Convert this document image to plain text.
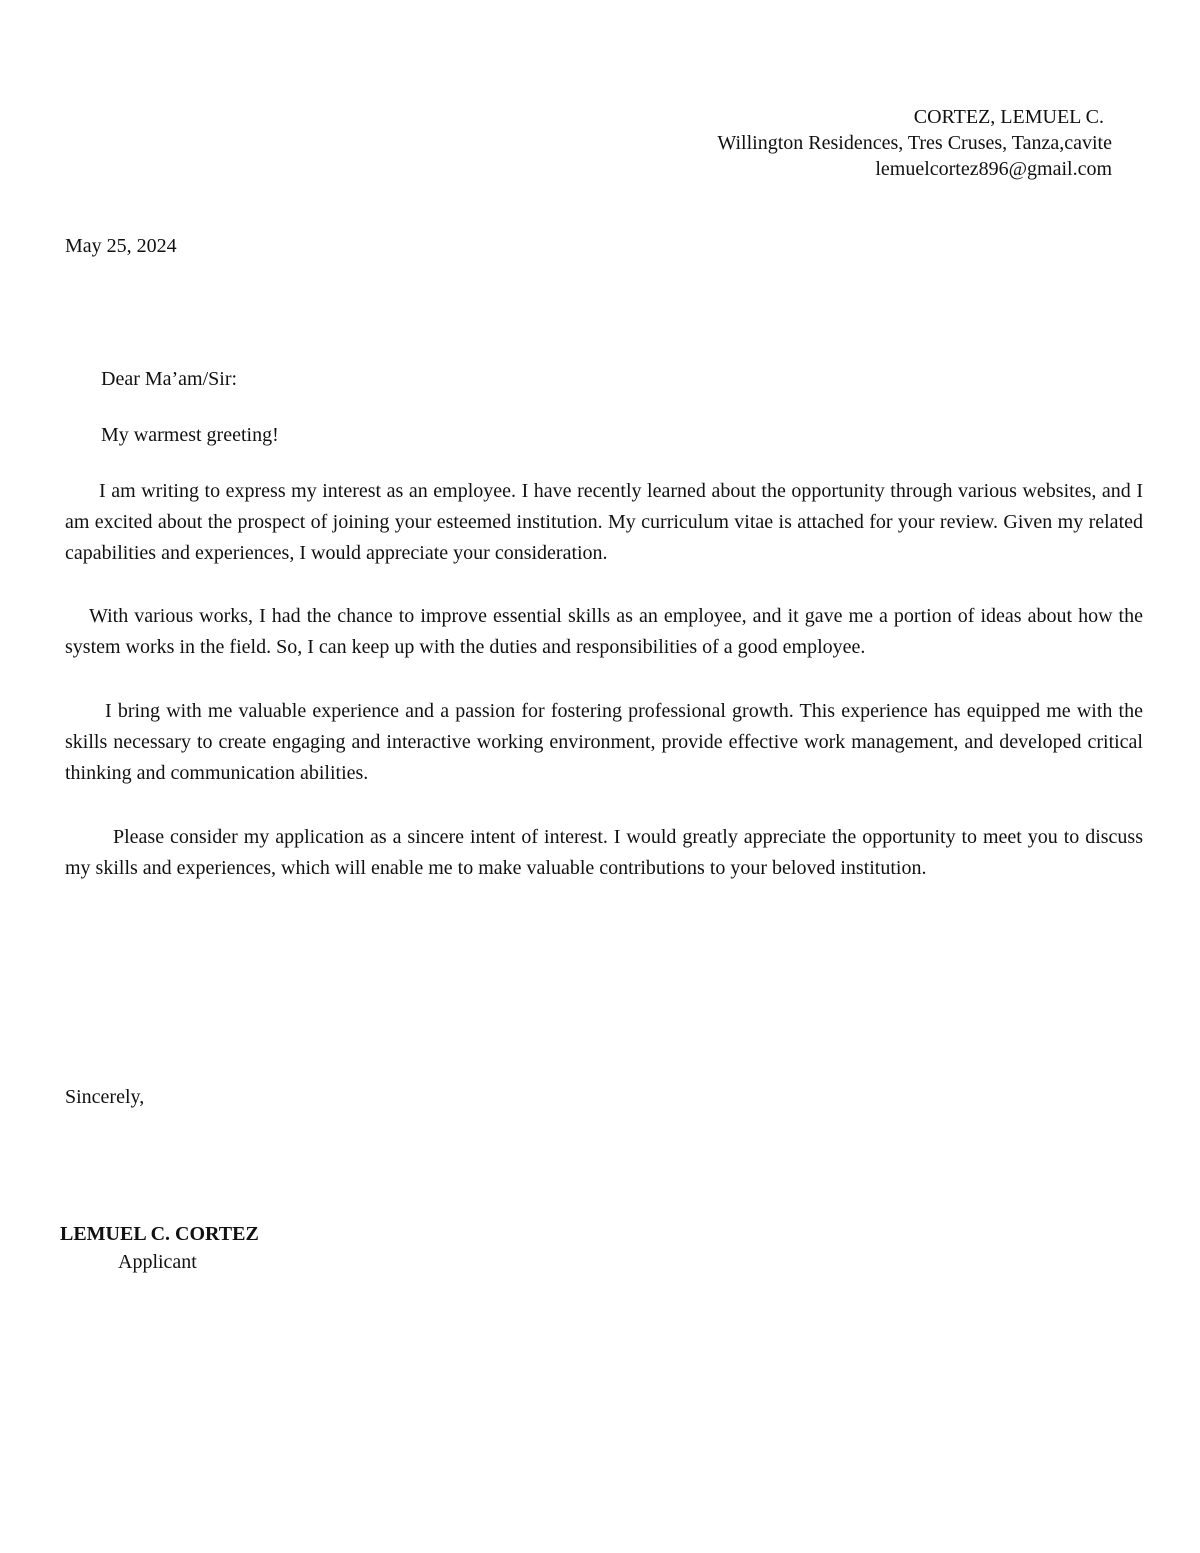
CORTEZ, LEMUEL C.
Willington Residences, Tres Cruses, Tanza,cavite
lemuelcortez896@gmail.com
May 25, 2024
Dear Ma’am/Sir:
My warmest greeting!

I am writing to express my interest as an employee. I have recently learned about the opportunity through various websites, and I am excited about the prospect of joining your esteemed institution. My curriculum vitae is attached for your review. Given my related capabilities and experiences, I would appreciate your consideration.

With various works, I had the chance to improve essential skills as an employee, and it gave me a portion of ideas about how the system works in the field. So, I can keep up with the duties and responsibilities of a good employee.

I bring with me valuable experience and a passion for fostering professional growth. This experience has equipped me with the skills necessary to create engaging and interactive working environment, provide effective work management, and developed critical thinking and communication abilities.

Please consider my application as a sincere intent of interest. I would greatly appreciate the opportunity to meet you to discuss my skills and experiences, which will enable me to make valuable contributions to your beloved institution.

Sincerely,
LEMUEL C. CORTEZ
Applicant
